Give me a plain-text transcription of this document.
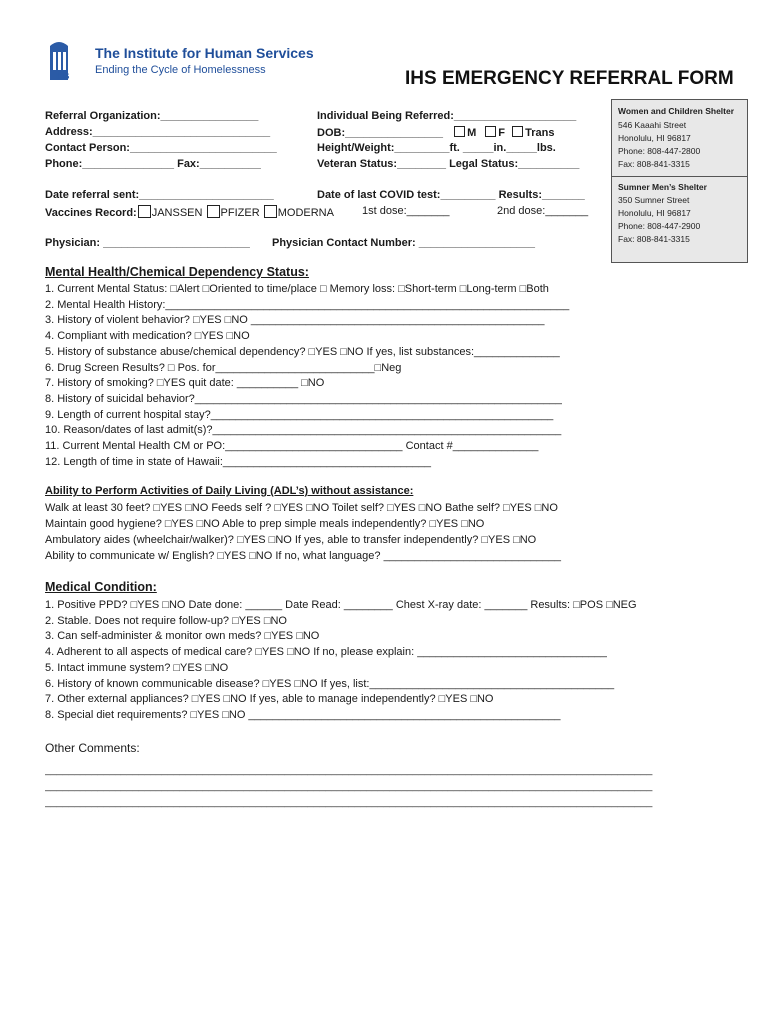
IHS
The Institute for Human Services
Ending the Cycle of Homelessness	IHS EMERGENCY REFERRAL FORM
Women and Children Shelter
546 Kaaahi Street
Honolulu, HI 96817
Phone: 808-447-2800
Fax: 808-841-3315
Sumner Men’s Shelter
350 Sumner Street
Honolulu, HI 96817
Phone: 808-447-2900
Fax: 808-841-3315
Referral Organization:________________
Address:_____________________________
Contact Person:________________________
Phone:_______________ Fax:__________
Individual Being Referred:____________________
DOB:________________ M F Trans
Height/Weight:_________ft. _____in._____lbs.
Veteran Status:________ Legal Status:__________
Date referral sent:______________________
Vaccines Record: JANSSEN PFIZER MODERNA
Date of last COVID test:_________ Results:_______
1st dose:_______	2nd dose:_______
Physician: ________________________ Physician Contact Number: ___________________
Mental Health/Chemical Dependency Status:
1. Current Mental Status: □Alert □Oriented to time/place □ Memory loss: □Short-term □Long-term □Both
2. Mental Health History:__________________________________________________________________
3. History of violent behavior? □YES □NO ________________________________________________
4. Compliant with medication? □YES □NO
5. History of substance abuse/chemical dependency? □YES □NO If yes, list substances:______________
6. Drug Screen Results? □ Pos. for__________________________□Neg
7. History of smoking? □YES quit date: __________ □NO
8. History of suicidal behavior?____________________________________________________________
9. Length of current hospital stay?________________________________________________________
10. Reason/dates of last admit(s)?_________________________________________________________
11. Current Mental Health CM or PO:_____________________________ Contact #______________
12. Length of time in state of Hawaii:__________________________________
Ability to Perform Activities of Daily Living (ADL’s) without assistance:
Walk at least 30 feet? □YES □NO Feeds self ? □YES □NO Toilet self? □YES □NO Bathe self? □YES □NO
Maintain good hygiene? □YES □NO Able to prep simple meals independently? □YES □NO
Ambulatory aides (wheelchair/walker)? □YES □NO If yes, able to transfer independently? □YES □NO
Ability to communicate w/ English? □YES □NO If no, what language? _____________________________
Medical Condition:
1. Positive PPD? □YES □NO Date done: ______ Date Read: ________ Chest X-ray date: _______ Results: □POS □NEG
2. Stable. Does not require follow-up? □YES □NO
3. Can self-administer & monitor own meds? □YES □NO
4. Adherent to all aspects of medical care? □YES □NO If no, please explain: _______________________________
5. Intact immune system? □YES □NO
6. History of known communicable disease? □YES □NO If yes, list:________________________________________
7. Other external appliances? □YES □NO If yes, able to manage independently? □YES □NO
8. Special diet requirements? □YES □NO ___________________________________________________
Other Comments:
________________________________________________________________________________________________________
________________________________________________________________________________________________________
________________________________________________________________________________________________________
